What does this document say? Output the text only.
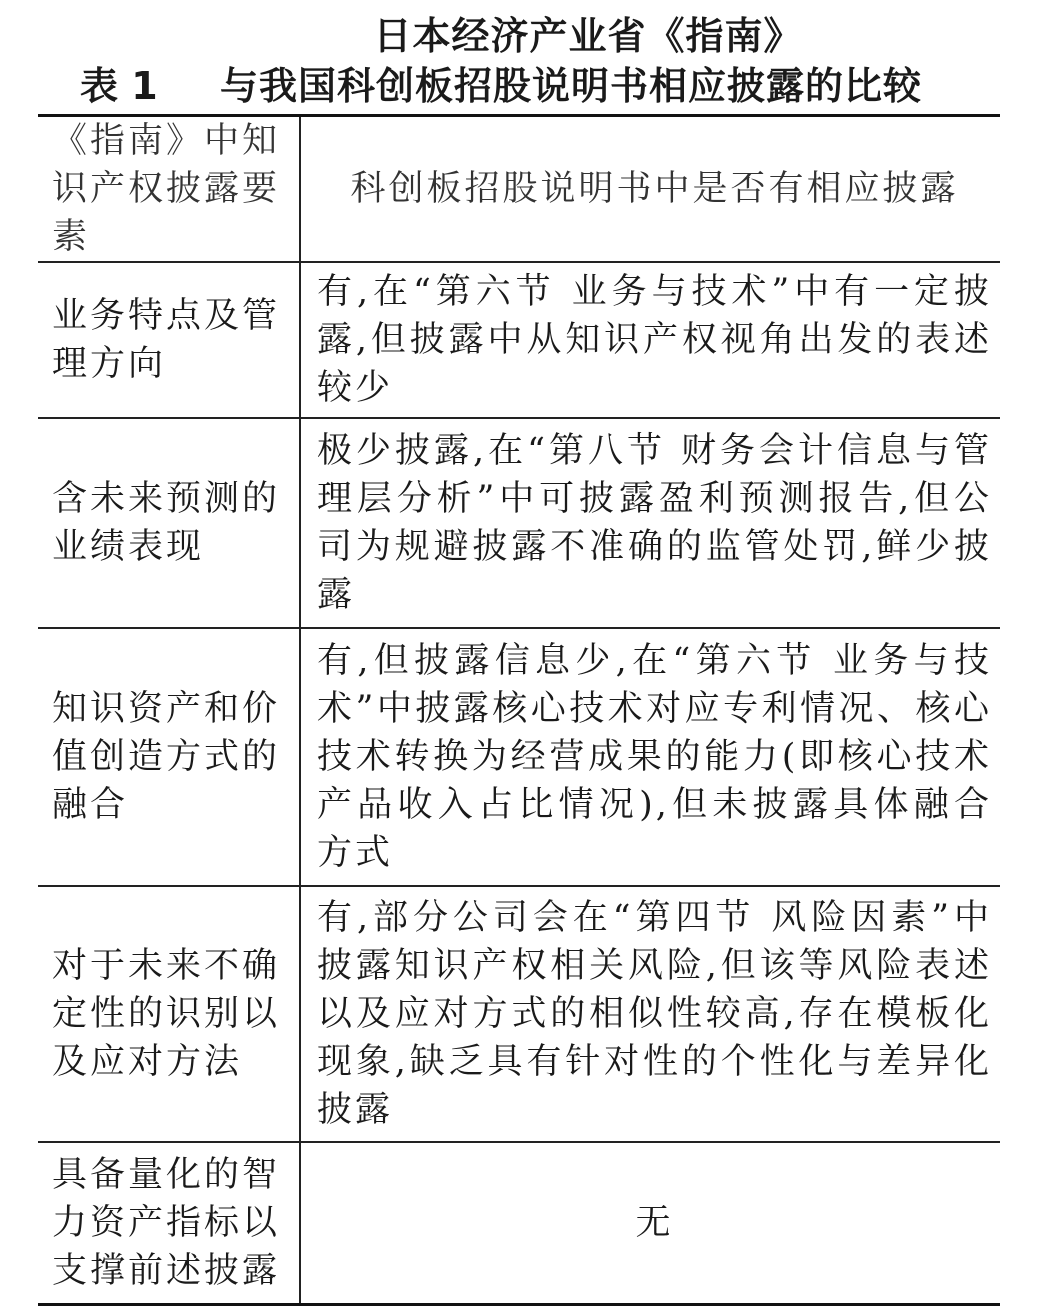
日本经济产业省《指南》
表 1 与我国科创板招股说明书相应披露的比较
《指南》中知识产权披露要素	科创板招股说明书中是否有相应披露
业务特点及管理方向	有,在“第六节 业务与技术”中有一定披露,但披露中从知识产权视角出发的表述较少
含未来预测的业绩表现	极少披露,在“第八节 财务会计信息与管理层分析”中可披露盈利预测报告,但公司为规避披露不准确的监管处罚,鲜少披露
知识资产和价值创造方式的融合	有,但披露信息少,在“第六节 业务与技术”中披露核心技术对应专利情况、核心技术转换为经营成果的能力(即核心技术产品收入占比情况),但未披露具体融合方式
对于未来不确定性的识别以及应对方法	有,部分公司会在“第四节 风险因素”中披露知识产权相关风险,但该等风险表述以及应对方式的相似性较高,存在模板化现象,缺乏具有针对性的个性化与差异化披露
具备量化的智力资产指标以支撑前述披露	无
